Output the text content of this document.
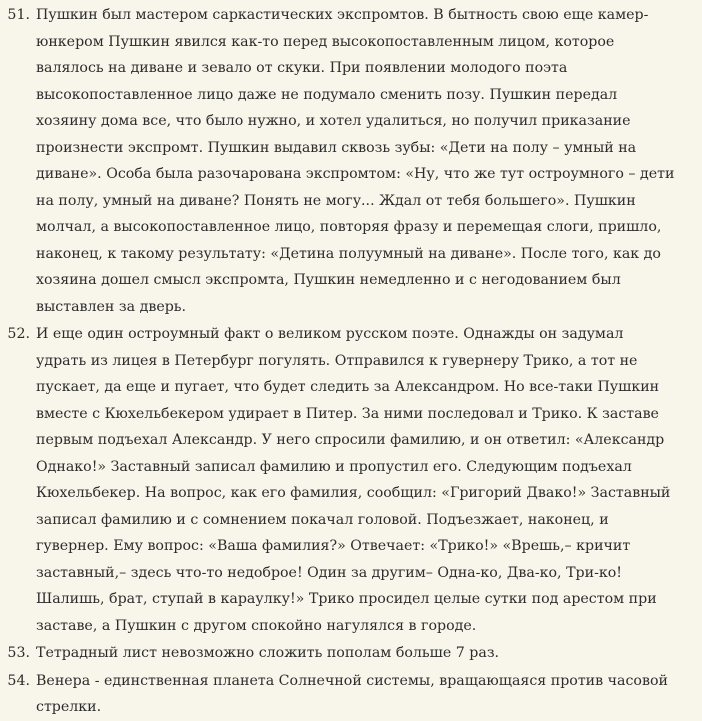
51. Пушкин был мастером саркастических экспромтов. В бытность свою еще камер-
юнкером Пушкин явился как-то перед высокопоставленным лицом, которое
валялось на диване и зевало от скуки. При появлении молодого поэта
высокопоставленное лицо даже не подумало сменить позу. Пушкин передал
хозяину дома все, что было нужно, и хотел удалиться, но получил приказание
произнести экспромт. Пушкин выдавил сквозь зубы: «Дети на полу – умный на
диване». Особа была разочарована экспромтом: «Ну, что же тут остроумного – дети
на полу, умный на диване? Понять не могу... Ждал от тебя большего». Пушкин
молчал, а высокопоставленное лицо, повторяя фразу и перемещая слоги, пришло,
наконец, к такому результату: «Детина полуумный на диване». После того, как до
хозяина дошел смысл экспромта, Пушкин немедленно и с негодованием был
выставлен за дверь.
52. И еще один остроумный факт о великом русском поэте. Однажды он задумал
удрать из лицея в Петербург погулять. Отправился к гувернеру Трико, а тот не
пускает, да еще и пугает, что будет следить за Александром. Но все-таки Пушкин
вместе с Кюхельбекером удирает в Питер. За ними последовал и Трико. К заставе
первым подъехал Александр. У него спросили фамилию, и он ответил: «Александр
Однако!» Заставный записал фамилию и пропустил его. Следующим подъехал
Кюхельбекер. На вопрос, как его фамилия, сообщил: «Григорий Двако!» Заставный
записал фамилию и с сомнением покачал головой. Подъезжает, наконец, и
гувернер. Ему вопрос: «Ваша фамилия?» Отвечает: «Трико!» «Врешь,– кричит
заставный,– здесь что-то недоброе! Один за другим– Одна-ко, Два-ко, Три-ко!
Шалишь, брат, ступай в караулку!» Трико просидел целые сутки под арестом при
заставе, а Пушкин с другом спокойно нагулялся в городе.
53. Тетрадный лист невозможно сложить пополам больше 7 раз.
54. Венера - единственная планета Солнечной системы, вращающаяся против часовой
стрелки.
